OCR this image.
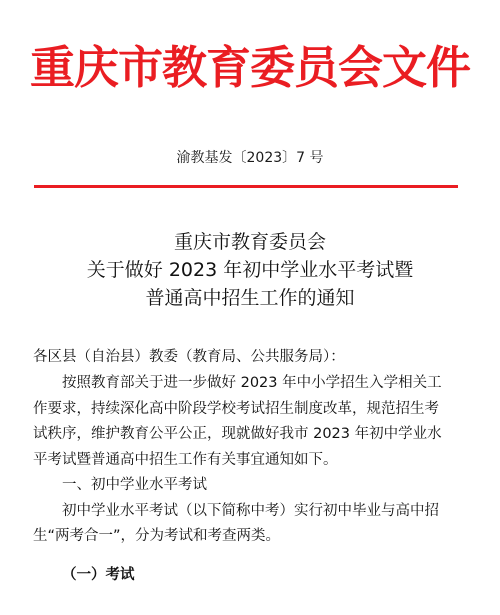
重庆市教育委员会文件
渝教基发〔2023〕7 号
重庆市教育委员会
关于做好 2023 年初中学业水平考试暨
普通高中招生工作的通知
各区县（自治县）教委（教育局、公共服务局）：

按照教育部关于进一步做好 2023 年中小学招生入学相关工
作要求，持续深化高中阶段学校考试招生制度改革，规范招生考
试秩序，维护教育公平公正，现就做好我市 2023 年初中学业水
平考试暨普通高中招生工作有关事宜通知如下。

一、初中学业水平考试

初中学业水平考试（以下简称中考）实行初中毕业与高中招
生“两考合一”，分为考试和考查两类。

（一）考试
